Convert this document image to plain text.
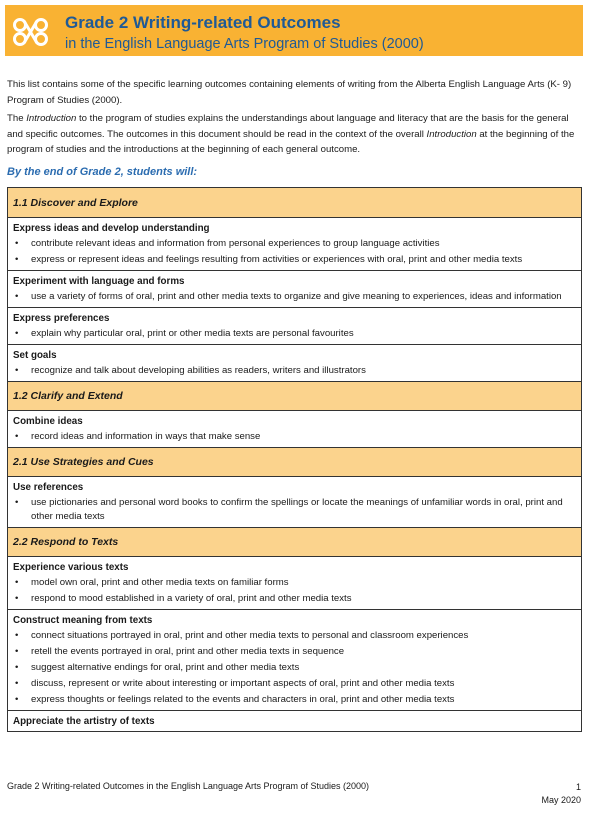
Grade 2 Writing-related Outcomes
in the English Language Arts Program of Studies (2000)

This list contains some of the specific learning outcomes containing elements of writing from the Alberta English Language Arts (K- 9) Program of Studies (2000).

The Introduction to the program of studies explains the understandings about language and literacy that are the basis for the general and specific outcomes. The outcomes in this document should be read in the context of the overall Introduction at the beginning of the program of studies and the introductions at the beginning of each general outcome.

By the end of Grade 2, students will:
1.1 Discover and Explore

Express ideas and develop understanding

• contribute relevant ideas and information from personal experiences to group language activities
• express or represent ideas and feelings resulting from activities or experiences with oral, print and other media texts

Experiment with language and forms

• use a variety of forms of oral, print and other media texts to organize and give meaning to experiences, ideas and information

Express preferences

• explain why particular oral, print or other media texts are personal favourites

Set goals

• recognize and talk about developing abilities as readers, writers and illustrators
1.2 Clarify and Extend

Combine ideas

• record ideas and information in ways that make sense
2.1 Use Strategies and Cues

Use references

• use pictionaries and personal word books to confirm the spellings or locate the meanings of unfamiliar words in oral, print and other media texts
2.2 Respond to Texts

Experience various texts

• model own oral, print and other media texts on familiar forms
• respond to mood established in a variety of oral, print and other media texts

Construct meaning from texts

• connect situations portrayed in oral, print and other media texts to personal and classroom experiences
• retell the events portrayed in oral, print and other media texts in sequence
• suggest alternative endings for oral, print and other media texts
• discuss, represent or write about interesting or important aspects of oral, print and other media texts
• express thoughts or feelings related to the events and characters in oral, print and other media texts

Appreciate the artistry of texts

Grade 2 Writing-related Outcomes in the English Language Arts Program of Studies (2000)	1
May 2020
